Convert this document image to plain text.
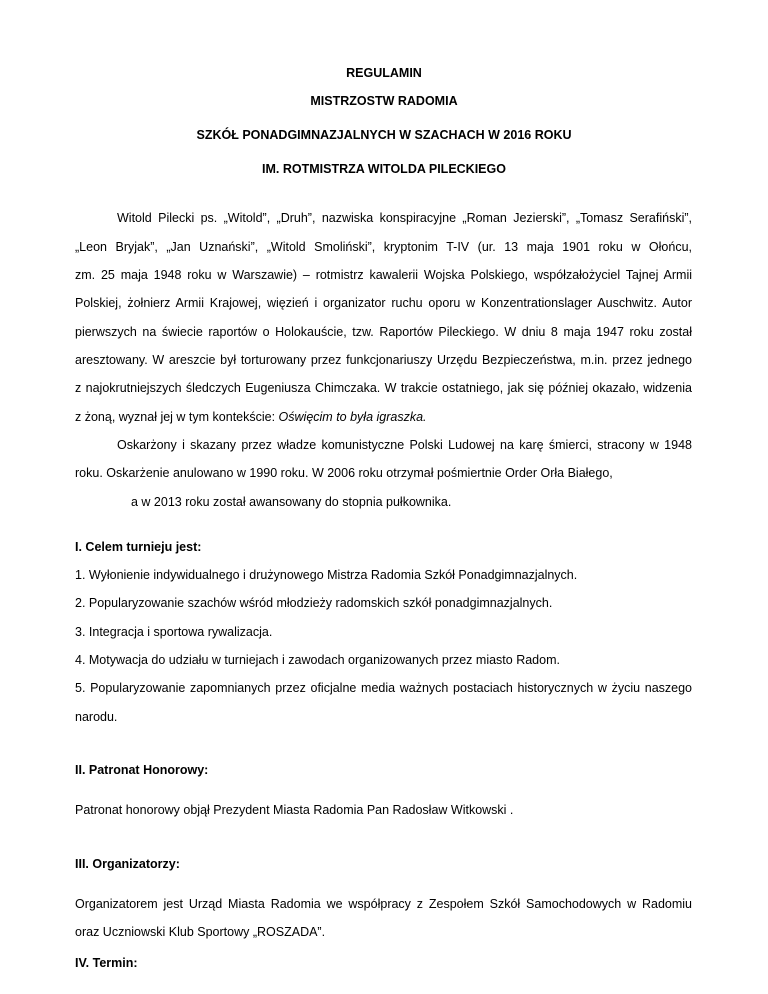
REGULAMIN

MISTRZOSTW RADOMIA

SZKÓŁ PONADGIMNAZJALNYCH W SZACHACH W 2016 ROKU

IM. ROTMISTRZA WITOLDA PILECKIEGO

Witold Pilecki ps. „Witold”, „Druh”, nazwiska konspiracyjne „Roman Jezierski”, „Tomasz Serafiński”,

„Leon Bryjak”, „Jan Uznański”, „Witold Smoliński”, kryptonim T-IV (ur. 13 maja 1901 roku w Ołońcu,

zm. 25 maja 1948 roku w Warszawie) – rotmistrz kawalerii Wojska Polskiego, współzałożyciel Tajnej Armii

Polskiej, żołnierz Armii Krajowej, więzień i organizator ruchu oporu w Konzentrationslager Auschwitz. Autor

pierwszych na świecie raportów o Holokauście, tzw. Raportów Pileckiego. W dniu 8 maja 1947 roku został

aresztowany. W areszcie był torturowany przez funkcjonariuszy Urzędu Bezpieczeństwa, m.in. przez jednego

z najokrutniejszych śledczych Eugeniusza Chimczaka. W trakcie ostatniego, jak się później okazało, widzenia

z żoną, wyznał jej w tym kontekście: Oświęcim to była igraszka.

Oskarżony i skazany przez władze komunistyczne Polski Ludowej na karę śmierci, stracony w 1948

roku. Oskarżenie anulowano w 1990 roku. W 2006 roku otrzymał pośmiertnie Order Orła Białego,

a w 2013 roku został awansowany do stopnia pułkownika.

I. Celem turnieju jest:

1. Wyłonienie indywidualnego i drużynowego Mistrza Radomia Szkół Ponadgimnazjalnych.

2. Popularyzowanie szachów wśród młodzieży radomskich szkół ponadgimnazjalnych.

3. Integracja i sportowa rywalizacja.

4. Motywacja do udziału w turniejach i zawodach organizowanych przez miasto Radom.

5. Popularyzowanie zapomnianych przez oficjalne media ważnych postaciach historycznych w życiu naszego

narodu.

II. Patronat Honorowy:

Patronat honorowy objął Prezydent Miasta Radomia Pan Radosław Witkowski .

III. Organizatorzy:

Organizatorem jest Urząd Miasta Radomia we współpracy z Zespołem Szkół Samochodowych w Radomiu

oraz Uczniowski Klub Sportowy „ROSZADA”.

IV. Termin:
